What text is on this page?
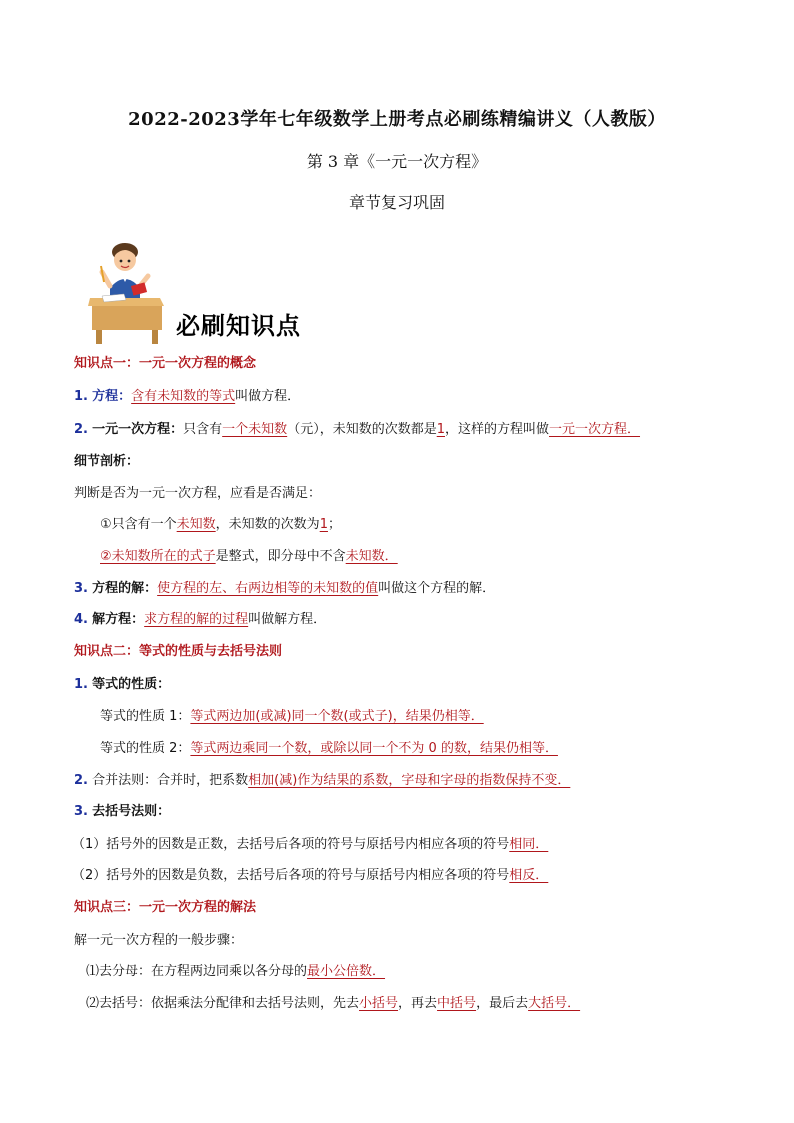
2022-2023学年七年级数学上册考点必刷练精编讲义（人教版）
第 3 章《一元一次方程》
章节复习巩固
必刷知识点
知识点一：一元一次方程的概念
1. 方程：含有未知数的等式叫做方程．
2. 一元一次方程：只含有一个未知数（元），未知数的次数都是1，这样的方程叫做一元一次方程．
细节剖析：
判断是否为一元一次方程，应看是否满足：
①只含有一个未知数，未知数的次数为1；
②未知数所在的式子是整式，即分母中不含未知数．
3. 方程的解：使方程的左、右两边相等的未知数的值叫做这个方程的解．
4. 解方程：求方程的解的过程叫做解方程．
知识点二：等式的性质与去括号法则
1. 等式的性质：
等式的性质 1：等式两边加(或减)同一个数(或式子)，结果仍相等．
等式的性质 2：等式两边乘同一个数，或除以同一个不为 0 的数，结果仍相等．
2. 合并法则：合并时，把系数相加(减)作为结果的系数，字母和字母的指数保持不变．
3. 去括号法则：
（1）括号外的因数是正数，去括号后各项的符号与原括号内相应各项的符号相同．
（2）括号外的因数是负数，去括号后各项的符号与原括号内相应各项的符号相反．
知识点三：一元一次方程的解法
解一元一次方程的一般步骤：
⑴去分母：在方程两边同乘以各分母的最小公倍数．
⑵去括号：依据乘法分配律和去括号法则，先去小括号，再去中括号，最后去大括号．
